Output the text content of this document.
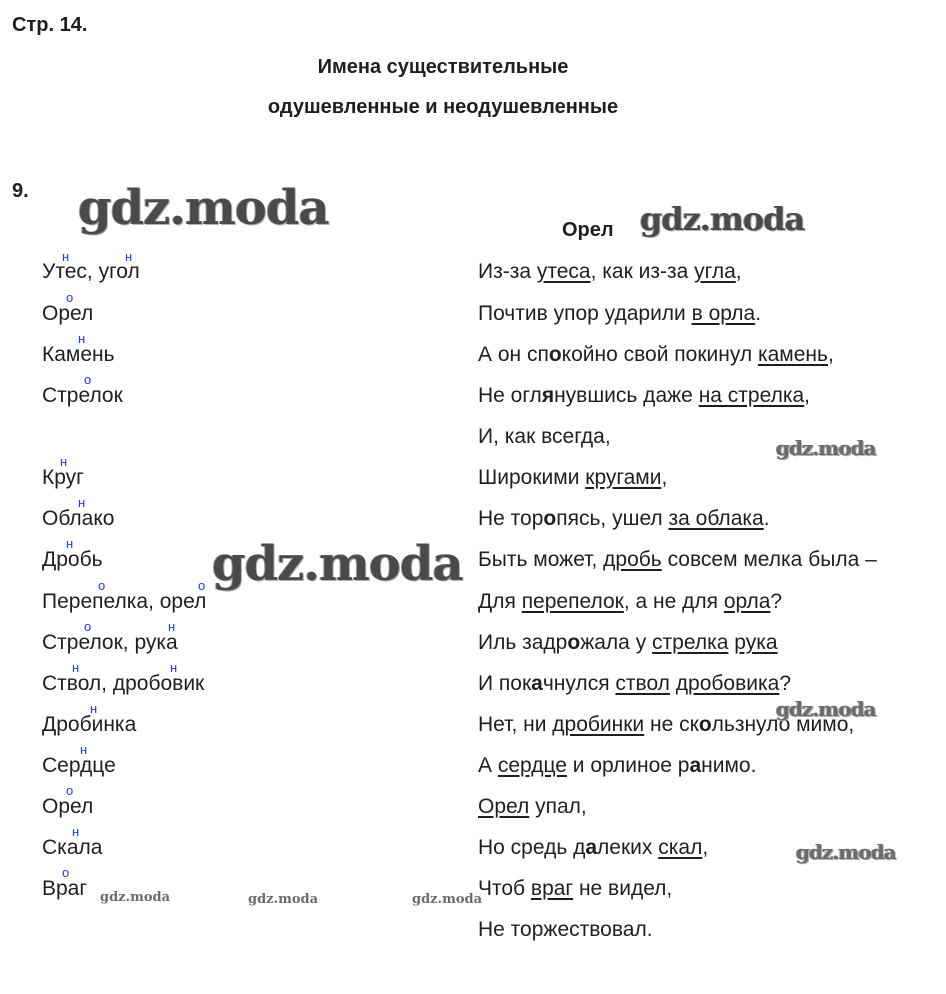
Стр. 14.
Имена существительные
одушевленные и неодушевленные
9.
Орел
Утес, угол
Орел
Камень
Стрелок
Круг
Облако
Дробь
Перепелка, орел
Стрелок, рука
Ствол, дробовик
Дробинка
Сердце
Орел
Скала
Враг
н	н
о
н
о
н
н
н
о	о
о	н
н	н
н
н
о
н
о
Из-за утеса, как из-за угла,
Почтив упор ударили в орла.
А он спокойно свой покинул камень,
Не оглянувшись даже на стрелка,
И, как всегда,
Широкими кругами,
Не торопясь, ушел за облака.
Быть может, дробь совсем мелка была –
Для перепелок, а не для орла?
Иль задрожала у стрелка рука
И покачнулся ствол дробовика?
Нет, ни дробинки не скользнуло мимо,
А сердце и орлиное ранимо.
Орел упал,
Но средь далеких скал,
Чтоб враг не видел,
Не торжествовал.
gdz.moda	gdz.moda
gdz.moda
gdz.moda
gdz.moda
gdz.moda
gdz.moda	gdz.moda	gdz.moda
